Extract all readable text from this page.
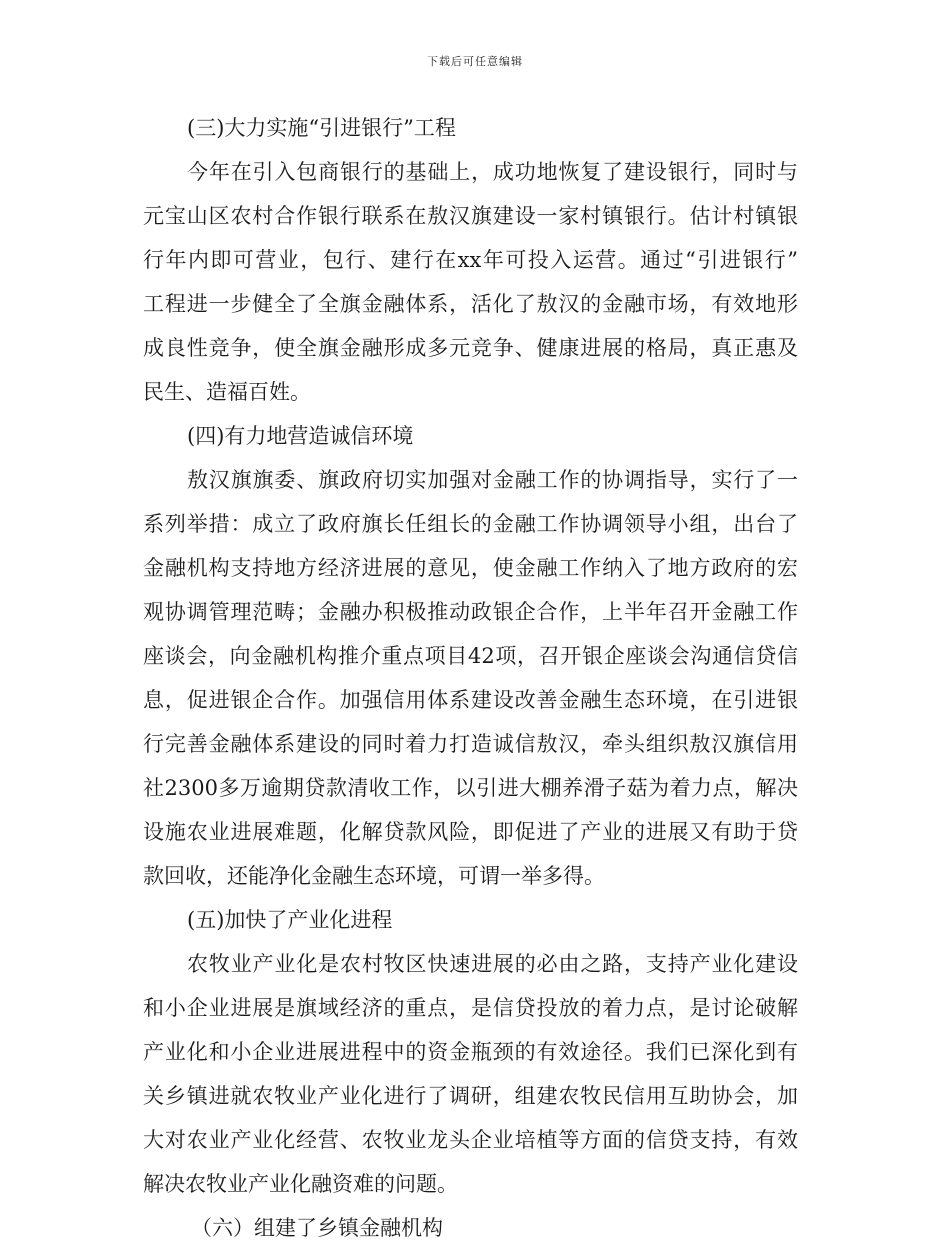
下载后可任意编辑
(三)大力实施“引进银行”工程
今年在引入包商银行的基础上，成功地恢复了建设银行，同时与
元宝山区农村合作银行联系在敖汉旗建设一家村镇银行。估计村镇银
行年内即可营业，包行、建行在xx年可投入运营。通过“引进银行”
工程进一步健全了全旗金融体系，活化了敖汉的金融市场，有效地形
成良性竞争，使全旗金融形成多元竞争、健康进展的格局，真正惠及
民生、造福百姓。
(四)有力地营造诚信环境
敖汉旗旗委、旗政府切实加强对金融工作的协调指导，实行了一
系列举措：成立了政府旗长任组长的金融工作协调领导小组，出台了
金融机构支持地方经济进展的意见，使金融工作纳入了地方政府的宏
观协调管理范畴；金融办积极推动政银企合作，上半年召开金融工作
座谈会，向金融机构推介重点项目42项，召开银企座谈会沟通信贷信
息，促进银企合作。加强信用体系建设改善金融生态环境，在引进银
行完善金融体系建设的同时着力打造诚信敖汉，牵头组织敖汉旗信用
社2300多万逾期贷款清收工作，以引进大棚养滑子菇为着力点，解决
设施农业进展难题，化解贷款风险，即促进了产业的进展又有助于贷
款回收，还能净化金融生态环境，可谓一举多得。
(五)加快了产业化进程
农牧业产业化是农村牧区快速进展的必由之路，支持产业化建设
和小企业进展是旗域经济的重点，是信贷投放的着力点，是讨论破解
产业化和小企业进展进程中的资金瓶颈的有效途径。我们已深化到有
关乡镇进就农牧业产业化进行了调研，组建农牧民信用互助协会，加
大对农业产业化经营、农牧业龙头企业培植等方面的信贷支持，有效
解决农牧业产业化融资难的问题。
（六）组建了乡镇金融机构
